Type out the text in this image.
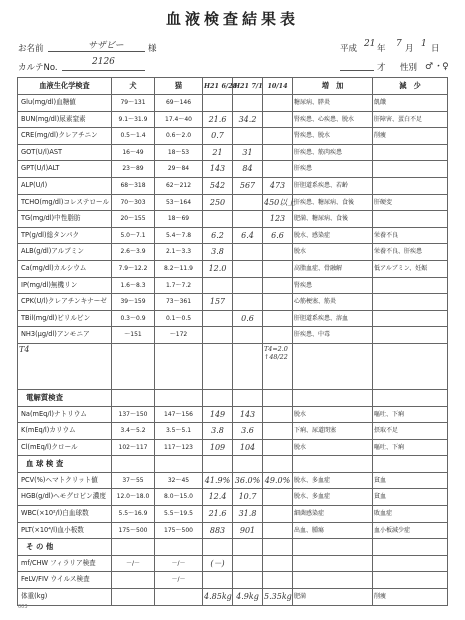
血液検査結果表
お名前	サザビー	様	平成 21 年 7 月 1 日
カルテNo.
2126
才 性別 ♂・♀
血液生化学検査	犬	猫	H21 6/28	H21 7/1	10/14	増　加	減　少
Glu(mg/dl)血糖値	79～131	69～146				糖尿病、膵炎	飢餓
BUN(mg/dl)尿素窒素	9.1～31.9	17.4～40	21.6	34.2		腎疾患、心疾患、脱水	肝障害、蛋白不足
CRE(mg/dl)クレアチニン	0.5～1.4	0.6～2.0	0.7			腎疾患、脱水	削痩
GOT(U/l)AST	16～49	18～53	21	31		肝疾患、筋肉疾患	
GPT(U/l)ALT	23～89	29～84	143	84		肝疾患	
ALP(U/l)	68～318	62～212	542	567	473	肝胆道系疾患、若齢	
TCHO(mg/dl)コレステロール	70～303	53～164	250		450以上	肝疾患、糖尿病、食後	肝硬変
TG(mg/dl)中性脂肪	20～155	18～69			123	肥満、糖尿病、食後	
TP(g/dl)総タンパク	5.0～7.1	5.4～7.8	6.2	6.4	6.6	脱水、感染症	栄養不良
ALB(g/dl)アルブミン	2.6～3.9	2.1～3.3	3.8			脱水	栄養不良、肝疾患
Ca(mg/dl)カルシウム	7.9～12.2	8.2～11.9	12.0			高脂血症、骨融解	低アルブミン、妊娠
IP(mg/dl)無機リン	1.6～8.3	1.7～7.2				腎疾患	
CPK(U/l)クレアチンキナーゼ	39～159	73～361	157			心筋梗塞、筋炎	
TBil(mg/dl)ビリルビン	0.3～0.9	0.1～0.5		0.6		肝胆道系疾患、溶血	
NH3(μg/dl)アンモニア	～151	～172				肝疾患、中毒	
T4					T4=2.0 ↑48/22		
電解質検査							
Na(mEq/l)ナトリウム	137～150	147～156	149	143		脱水	嘔吐、下痢
K(mEq/l)カリウム	3.4～5.2	3.5～5.1	3.8	3.6		下痢、尿道閉塞	摂取不足
Cl(mEq/l)クロール	102～117	117～123	109	104		脱水	嘔吐、下痢
血 球 検 査							
PCV(%)ヘマトクリット値	37～55	32～45	41.9%	36.0%	49.0%	脱水、多血症	貧血
HGB(g/dl)ヘモグロビン濃度	12.0～18.0	8.0～15.0	12.4	10.7		脱水、多血症	貧血
WBC(×10²/l)白血球数	5.5～16.9	5.5～19.5	21.6	31.8		細菌感染症	敗血症
PLT(×10⁴/l)血小板数	175～500	175～500	883	901		出血、腫瘍	血小板減少症
そ の 他							
mf/CHW フィラリア検査	－/－	－/－	(－)				
FeLV/FIV ウイルス検査		－/－					
体重(kg)			4.85kg	4.9kg	5.35kg	肥満	削痩
003
